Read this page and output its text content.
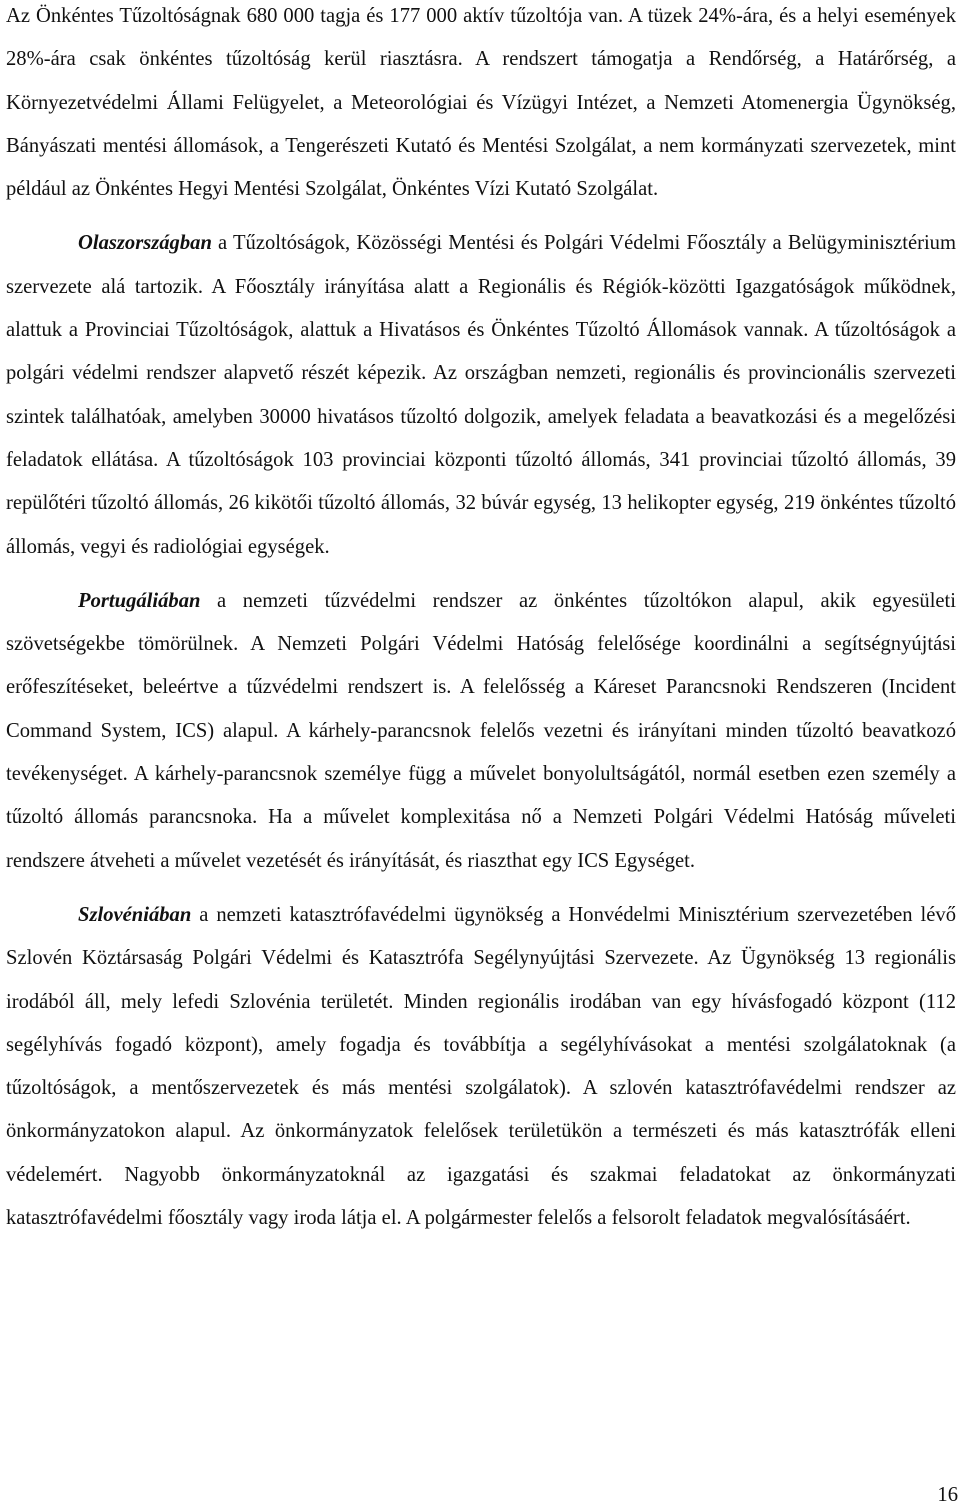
Az Önkéntes Tűzoltóságnak 680 000 tagja és 177 000 aktív tűzoltója van. A tüzek 24%-ára, és a helyi események 28%-ára csak önkéntes tűzoltóság kerül riasztásra. A rendszert támogatja a Rendőrség, a Határőrség, a Környezetvédelmi Állami Felügyelet, a Meteorológiai és Vízügyi Intézet, a Nemzeti Atomenergia Ügynökség, Bányászati mentési állomások, a Tengerészeti Kutató és Mentési Szolgálat, a nem kormányzati szervezetek, mint például az Önkéntes Hegyi Mentési Szolgálat, Önkéntes Vízi Kutató Szolgálat.

Olaszországban a Tűzoltóságok, Közösségi Mentési és Polgári Védelmi Főosztály a Belügyminisztérium szervezete alá tartozik. A Főosztály irányítása alatt a Regionális és Régiók-közötti Igazgatóságok működnek, alattuk a Provinciai Tűzoltóságok, alattuk a Hivatásos és Önkéntes Tűzoltó Állomások vannak. A tűzoltóságok a polgári védelmi rendszer alapvető részét képezik. Az országban nemzeti, regionális és provincionális szervezeti szintek találhatóak, amelyben 30000 hivatásos tűzoltó dolgozik, amelyek feladata a beavatkozási és a megelőzési feladatok ellátása. A tűzoltóságok 103 provinciai központi tűzoltó állomás, 341 provinciai tűzoltó állomás, 39 repülőtéri tűzoltó állomás, 26 kikötői tűzoltó állomás, 32 búvár egység, 13 helikopter egység, 219 önkéntes tűzoltó állomás, vegyi és radiológiai egységek.

Portugáliában a nemzeti tűzvédelmi rendszer az önkéntes tűzoltókon alapul, akik egyesületi szövetségekbe tömörülnek. A Nemzeti Polgári Védelmi Hatóság felelősége koordinálni a segítségnyújtási erőfeszítéseket, beleértve a tűzvédelmi rendszert is. A felelősség a Káreset Parancsnoki Rendszeren (Incident Command System, ICS) alapul. A kárhely-parancsnok felelős vezetni és irányítani minden tűzoltó beavatkozó tevékenységet. A kárhely-parancsnok személye függ a művelet bonyolultságától, normál esetben ezen személy a tűzoltó állomás parancsnoka. Ha a művelet komplexitása nő a Nemzeti Polgári Védelmi Hatóság műveleti rendszere átveheti a művelet vezetését és irányítását, és riaszthat egy ICS Egységet.

Szlovéniában a nemzeti katasztrófavédelmi ügynökség a Honvédelmi Minisztérium szervezetében lévő Szlovén Köztársaság Polgári Védelmi és Katasztrófa Segélynyújtási Szervezete. Az Ügynökség 13 regionális irodából áll, mely lefedi Szlovénia területét. Minden regionális irodában van egy hívásfogadó központ (112 segélyhívás fogadó központ), amely fogadja és továbbítja a segélyhívásokat a mentési szolgálatoknak (a tűzoltóságok, a mentőszervezetek és más mentési szolgálatok). A szlovén katasztrófavédelmi rendszer az önkormányzatokon alapul. Az önkormányzatok felelősek területükön a természeti és más katasztrófák elleni védelemért. Nagyobb önkormányzatoknál az igazgatási és szakmai feladatokat az önkormányzati katasztrófavédelmi főosztály vagy iroda látja el. A polgármester felelős a felsorolt feladatok megvalósításáért.

16
